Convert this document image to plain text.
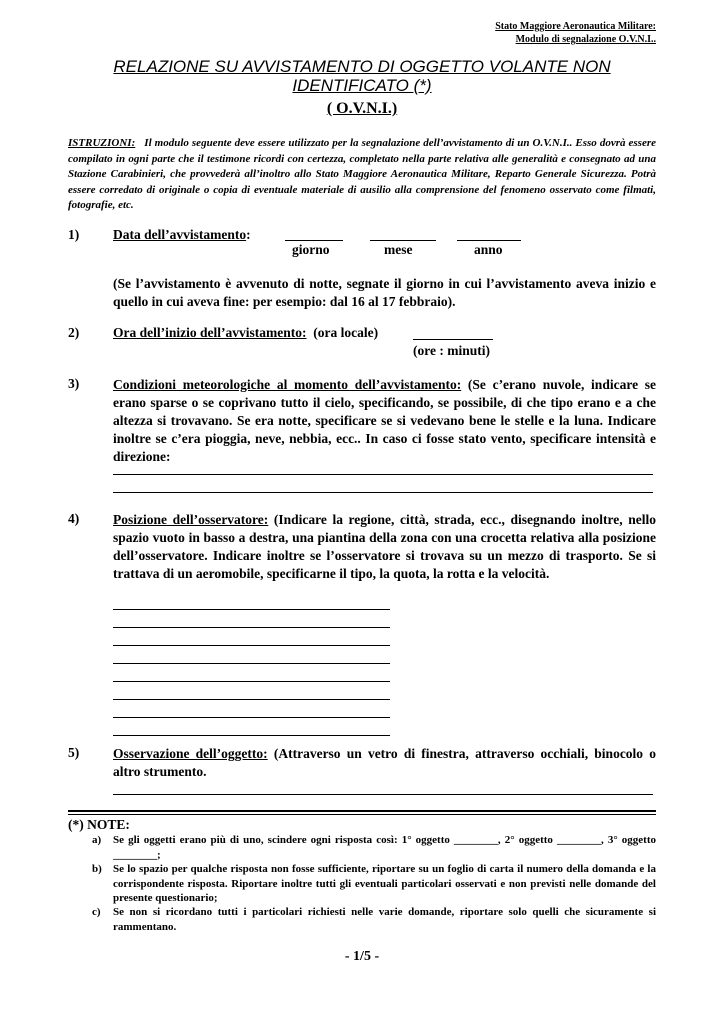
Stato Maggiore Aeronautica Militare:
Modulo di segnalazione O.V.N.I..
RELAZIONE SU AVVISTAMENTO DI OGGETTO VOLANTE NON IDENTIFICATO (*)
( O.V.N.I.)
ISTRUZIONI: Il modulo seguente deve essere utilizzato per la segnalazione dell’avvistamento di un O.V.N.I.. Esso dovrà essere compilato in ogni parte che il testimone ricordi con certezza, completato nella parte relativa alle generalità e consegnato ad una Stazione Carabinieri, che provvederà all’inoltro allo Stato Maggiore Aeronautica Militare, Reparto Generale Sicurezza. Potrà essere corredato di originale o copia di eventuale materiale di ausilio alla comprensione del fenomeno osservato come filmati, fotografie, etc.
1)	Data dell’avvistamento:
giorno	mese	anno
(Se l’avvistamento è avvenuto di notte, segnate il giorno in cui l’avvistamento aveva inizio e quello in cui aveva fine: per esempio: dal 16 al 17 febbraio).
2)	Ora dell’inizio dell’avvistamento: (ora locale)
(ore : minuti)
3)	Condizioni meteorologiche al momento dell’avvistamento: (Se c’erano nuvole, indicare se erano sparse o se coprivano tutto il cielo, specificando, se possibile, di che tipo erano e a che altezza si trovavano. Se era notte, specificare se si vedevano bene le stelle e la luna. Indicare inoltre se c’era pioggia, neve, nebbia, ecc.. In caso ci fosse stato vento, specificare intensità e direzione:
4)	Posizione dell’osservatore: (Indicare la regione, città, strada, ecc., disegnando inoltre, nello spazio vuoto in basso a destra, una piantina della zona con una crocetta relativa alla posizione dell’osservatore. Indicare inoltre se l’osservatore si trovava su un mezzo di trasporto. Se si trattava di un aeromobile, specificarne il tipo, la quota, la rotta e la velocità.
5)	Osservazione dell’oggetto: (Attraverso un vetro di finestra, attraverso occhiali, binocolo o altro strumento.
(*) NOTE:
a) Se gli oggetti erano più di uno, scindere ogni risposta così: 1° oggetto ________, 2° oggetto ________, 3° oggetto ________;
b) Se lo spazio per qualche risposta non fosse sufficiente, riportare su un foglio di carta il numero della domanda e la corrispondente risposta. Riportare inoltre tutti gli eventuali particolari osservati e non previsti nelle domande del presente questionario;
c) Se non si ricordano tutti i particolari richiesti nelle varie domande, riportare solo quelli che sicuramente si rammentano.
- 1/5 -
